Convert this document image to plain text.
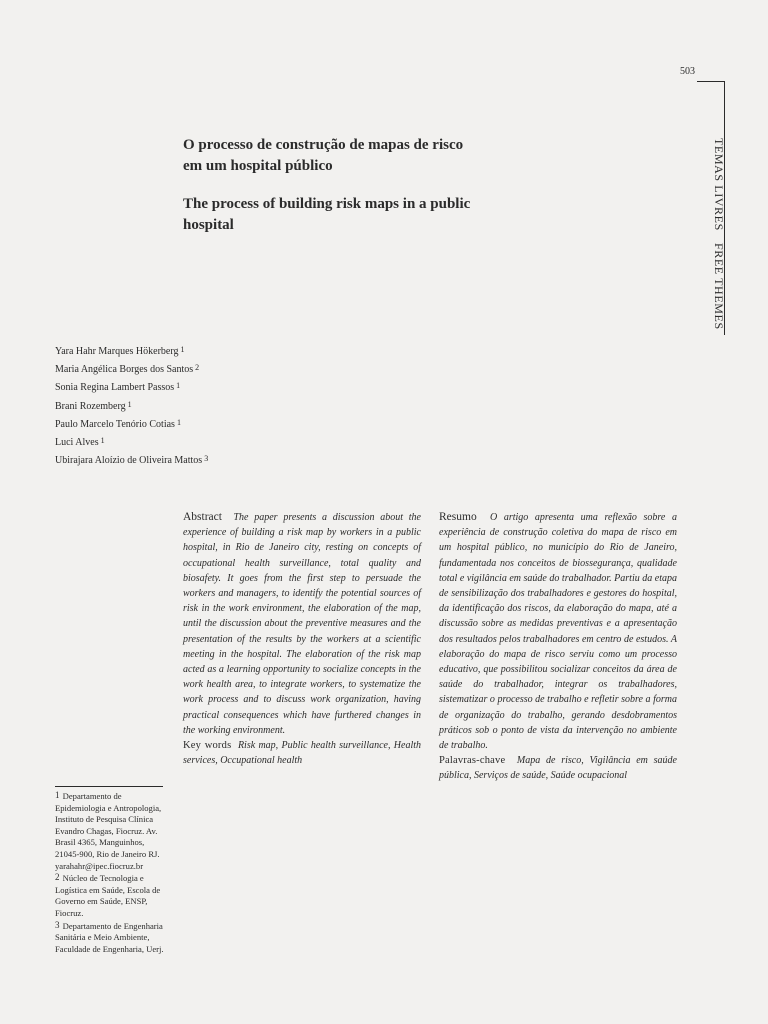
503
TEMAS LIVRESFREE THEMES
O processo de construção de mapas de risco em um hospital público
The process of building risk maps in a public hospital
Yara Hahr Marques Hökerberg $^1$
Maria Angélica Borges dos Santos $^2$
Sonia Regina Lambert Passos $^1$
Brani Rozemberg $^1$
Paulo Marcelo Tenório Cotias $^1$
Luci Alves $^1$
Ubirajara Aloízio de Oliveira Mattos $^3$

Abstract The paper presents a discussion about the experience of building a risk map by workers in a public hospital, in Rio de Janeiro city, resting on concepts of occupational health surveillance, total quality and biosafety. It goes from the first step to persuade the workers and managers, to identify the potential sources of risk in the work environment, the elaboration of the map, until the discussion about the preventive measures and the presentation of the results by the workers at a scientific meeting in the hospital. The elaboration of the risk map acted as a learning opportunity to socialize concepts in the work health area, to integrate workers, to systematize the work process and to discuss work organization, having practical consequences which have furthered changes in the working environment.

Key words Risk map, Public health surveillance, Health services, Occupational health

Resumo O artigo apresenta uma reflexão sobre a experiência de construção coletiva do mapa de risco em um hospital público, no município do Rio de Janeiro, fundamentada nos conceitos de biossegurança, qualidade total e vigilância em saúde do trabalhador. Partiu da etapa de sensibilização dos trabalhadores e gestores do hospital, da identificação dos riscos, da elaboração do mapa, até a discussão sobre as medidas preventivas e a apresentação dos resultados pelos trabalhadores em centro de estudos. A elaboração do mapa de risco serviu como um processo educativo, que possibilitou socializar conceitos da área de saúde do trabalhador, integrar os trabalhadores, sistematizar o processo de trabalho e refletir sobre a forma de organização do trabalho, gerando desdobramentos práticos sob o ponto de vista da intervenção no ambiente de trabalho.

Palavras-chave Mapa de risco, Vigilância em saúde pública, Serviços de saúde, Saúde ocupacional

$^1$ Departamento de Epidemiologia e Antropologia, Instituto de Pesquisa Clínica Evandro Chagas, Fiocruz. Av. Brasil 4365, Manguinhos, 21045-900, Rio de Janeiro RJ. yarahahr@ipec.fiocruz.br
$^2$ Núcleo de Tecnologia e Logística em Saúde, Escola de Governo em Saúde, ENSP, Fiocruz.
$^3$ Departamento de Engenharia Sanitária e Meio Ambiente, Faculdade de Engenharia, Uerj.
